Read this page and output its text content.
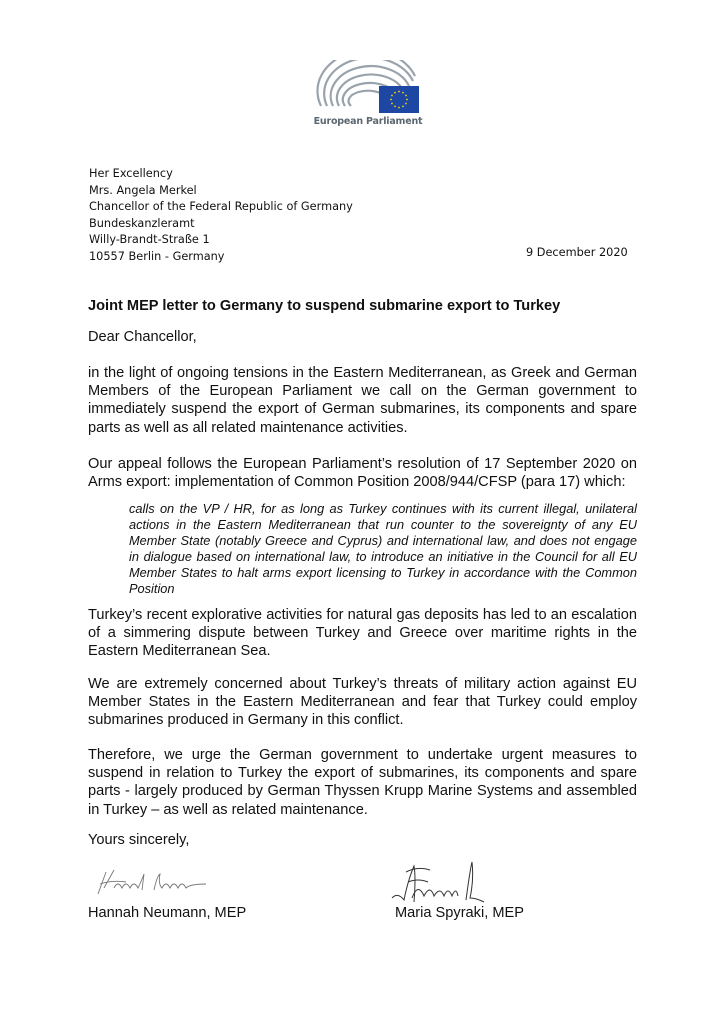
European Parliament
Her Excellency
Mrs. Angela Merkel
Chancellor of the Federal Republic of Germany
Bundeskanzleramt
Willy-Brandt-Straße 1
10557 Berlin - Germany	9 December 2020
Joint MEP letter to Germany to suspend submarine export to Turkey
Dear Chancellor,
in the light of ongoing tensions in the Eastern Mediterranean, as Greek and German Members of the European Parliament we call on the German government to immediately suspend the export of German submarines, its components and spare parts as well as all related maintenance activities.
Our appeal follows the European Parliament’s resolution of 17 September 2020 on Arms export: implementation of Common Position 2008/944/CFSP (para 17) which:
calls on the VP / HR, for as long as Turkey continues with its current illegal, unilateral actions in the Eastern Mediterranean that run counter to the sovereignty of any EU Member State (notably Greece and Cyprus) and international law, and does not engage in dialogue based on international law, to introduce an initiative in the Council for all EU Member States to halt arms export licensing to Turkey in accordance with the Common Position
Turkey’s recent explorative activities for natural gas deposits has led to an escalation of a simmering dispute between Turkey and Greece over maritime rights in the Eastern Mediterranean Sea.
We are extremely concerned about Turkey’s threats of military action against EU Member States in the Eastern Mediterranean and fear that Turkey could employ submarines produced in Germany in this conflict.
Therefore, we urge the German government to undertake urgent measures to suspend in relation to Turkey the export of submarines, its components and spare parts - largely produced by German Thyssen Krupp Marine Systems and assembled in Turkey – as well as related maintenance.
Yours sincerely,
Hannah Neumann, MEP	Maria Spyraki, MEP
